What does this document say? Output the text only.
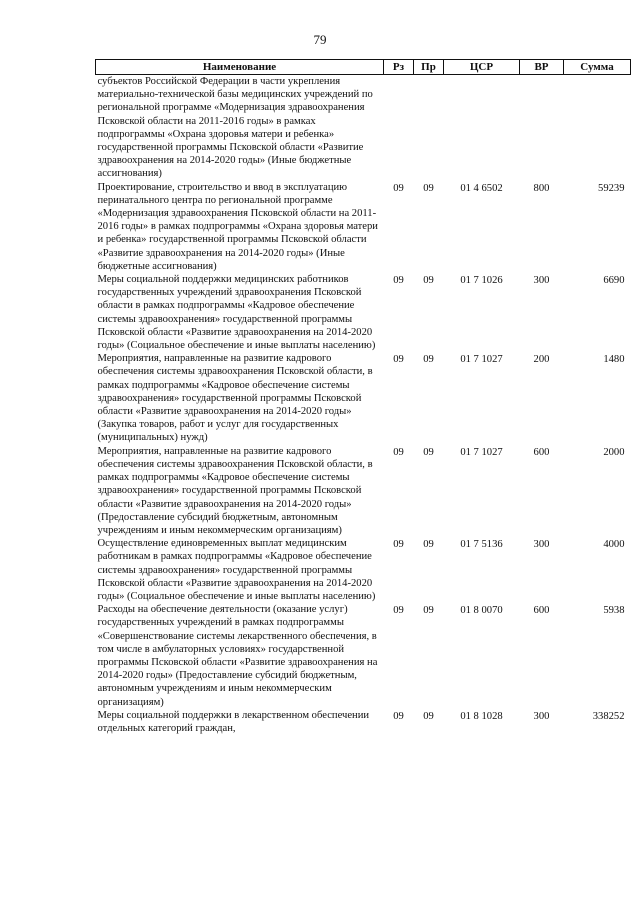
79
Наименование	Рз	Пр	ЦСР	ВР	Сумма
субъектов Российской Федерации в части укрепления материально-технической базы медицинских учреждений по региональной программе «Модернизация здравоохранения Псковской области на 2011-2016 годы» в рамках подпрограммы «Охрана здоровья матери и ребенка» государственной программы Псковской области «Развитие здравоохранения на 2014-2020 годы» (Иные бюджетные ассигнования)					
Проектирование, строительство и ввод в эксплуатацию перинатального центра по региональной программе «Модернизация здравоохранения Псковской области на 2011-2016 годы» в рамках подпрограммы «Охрана здоровья матери и ребенка» государственной программы Псковской области «Развитие здравоохранения на 2014-2020 годы» (Иные бюджетные ассигнования)	09	09	01 4 6502	800	59239
Меры социальной поддержки медицинских работников государственных учреждений здравоохранения Псковской области в рамках подпрограммы «Кадровое обеспечение системы здравоохранения» государственной программы Псковской области «Развитие здравоохранения на 2014-2020 годы» (Социальное обеспечение и иные выплаты населению)	09	09	01 7 1026	300	6690
Мероприятия, направленные на развитие кадрового обеспечения системы здравоохранения Псковской области, в рамках подпрограммы «Кадровое обеспечение системы здравоохранения» государственной программы Псковской области «Развитие здравоохранения на 2014-2020 годы» (Закупка товаров, работ и услуг для государственных (муниципальных) нужд)	09	09	01 7 1027	200	1480
Мероприятия, направленные на развитие кадрового обеспечения системы здравоохранения Псковской области, в рамках подпрограммы «Кадровое обеспечение системы здравоохранения» государственной программы Псковской области «Развитие здравоохранения на 2014-2020 годы» (Предоставление субсидий бюджетным, автономным учреждениям и иным некоммерческим организациям)	09	09	01 7 1027	600	2000
Осуществление единовременных выплат медицинским работникам в рамках подпрограммы «Кадровое обеспечение системы здравоохранения» государственной программы Псковской области «Развитие здравоохранения на 2014-2020 годы» (Социальное обеспечение и иные выплаты населению)	09	09	01 7 5136	300	4000
Расходы на обеспечение деятельности (оказание услуг) государственных учреждений в рамках подпрограммы «Совершенствование системы лекарственного обеспечения, в том числе в амбулаторных условиях» государственной программы Псковской области «Развитие здравоохранения на 2014-2020 годы» (Предоставление субсидий бюджетным, автономным учреждениям и иным некоммерческим организациям)	09	09	01 8 0070	600	5938
Меры социальной поддержки в лекарственном обеспечении отдельных категорий граждан,	09	09	01 8 1028	300	338252
